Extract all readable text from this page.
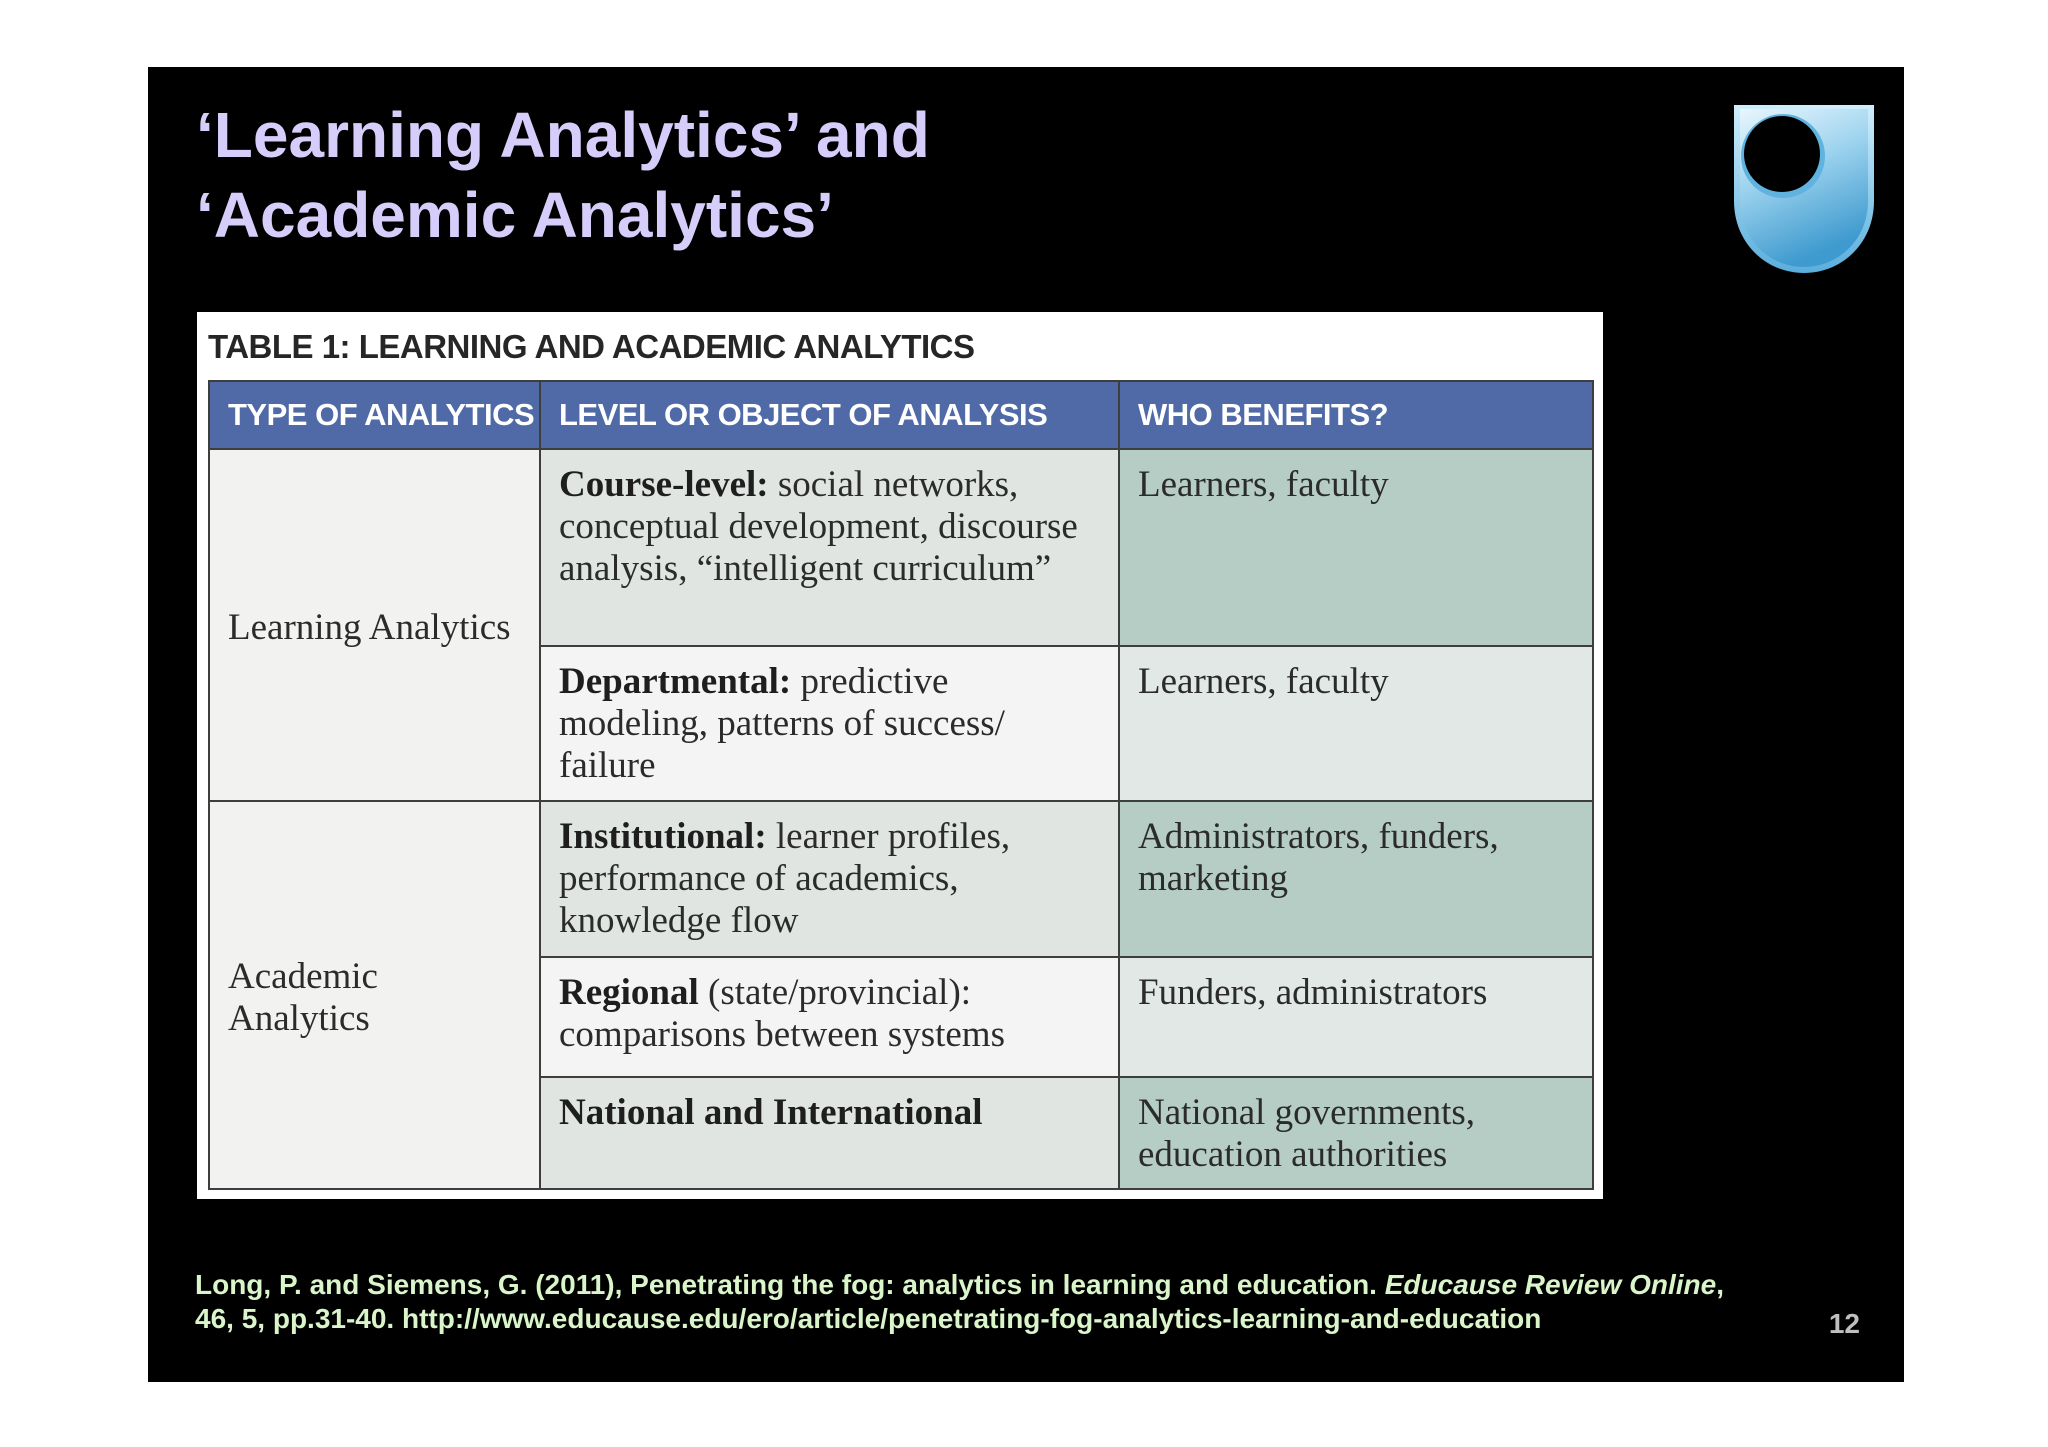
‘Learning Analytics’ and
‘Academic Analytics’
TABLE 1: LEARNING AND ACADEMIC ANALYTICS
TYPE OF ANALYTICS	LEVEL OR OBJECT OF ANALYSIS	WHO BENEFITS?
Learning Analytics	Course-level: social networks, conceptual development, discourse analysis, “intelligent curriculum”	Learners, faculty
	Departmental: predictive modeling, patterns of success/ failure	Learners, faculty
Academic Analytics	Institutional: learner profiles, performance of academics, knowledge flow	Administrators, funders, marketing
	Regional (state/provincial): comparisons between systems	Funders, administrators
	National and International	National governments, education authorities
Long, P. and Siemens, G. (2011), Penetrating the fog: analytics in learning and education. Educause Review Online,
46, 5, pp.31-40. http://www.educause.edu/ero/article/penetrating-fog-analytics-learning-and-education	12
